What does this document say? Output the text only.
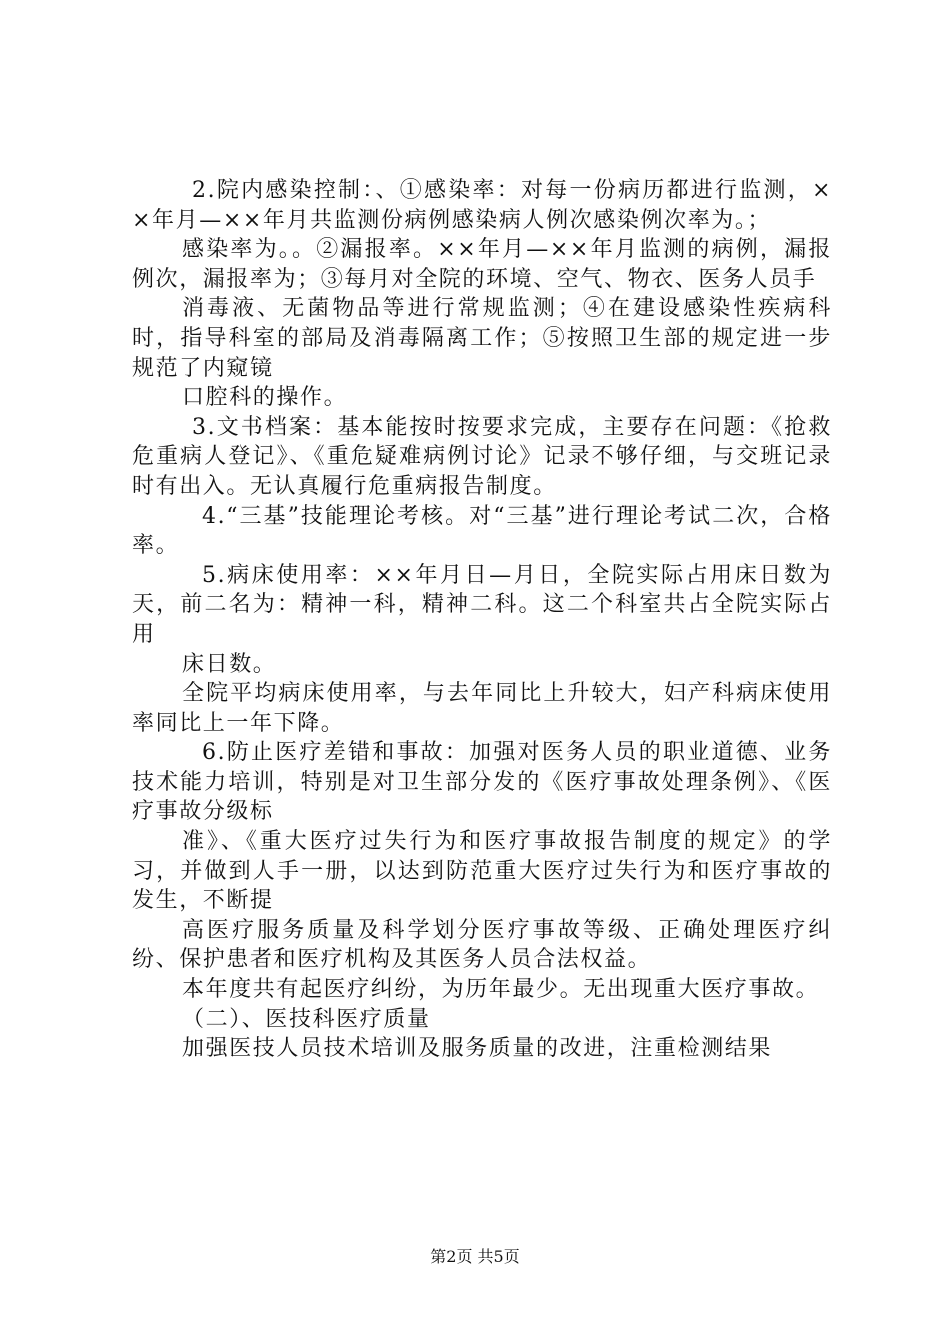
2.院内感染控制：、①感染率：对每一份病历都进行监测，××年月—××年月共监测份病例感染病人例次感染例次率为。；

感染率为。。②漏报率。××年月—××年月监测的病例，漏报例次，漏报率为；③每月对全院的环境、空气、物衣、医务人员手

消毒液、无菌物品等进行常规监测；④在建设感染性疾病科时，指导科室的部局及消毒隔离工作；⑤按照卫生部的规定进一步规范了内窥镜

口腔科的操作。

3.文书档案：基本能按时按要求完成，主要存在问题：《抢救危重病人登记》、《重危疑难病例讨论》记录不够仔细，与交班记录时有出入。无认真履行危重病报告制度。

4.“三基”技能理论考核。对“三基”进行理论考试二次，合格率。

5.病床使用率：××年月日—月日，全院实际占用床日数为天，前二名为：精神一科，精神二科。这二个科室共占全院实际占用

床日数。

全院平均病床使用率，与去年同比上升较大，妇产科病床使用率同比上一年下降。

6.防止医疗差错和事故：加强对医务人员的职业道德、业务技术能力培训，特别是对卫生部分发的《医疗事故处理条例》、《医疗事故分级标

准》、《重大医疗过失行为和医疗事故报告制度的规定》的学习，并做到人手一册，以达到防范重大医疗过失行为和医疗事故的发生，不断提

高医疗服务质量及科学划分医疗事故等级、正确处理医疗纠纷、保护患者和医疗机构及其医务人员合法权益。

本年度共有起医疗纠纷，为历年最少。无出现重大医疗事故。

（二）、医技科医疗质量

加强医技人员技术培训及服务质量的改进，注重检测结果

第2页 共5页
